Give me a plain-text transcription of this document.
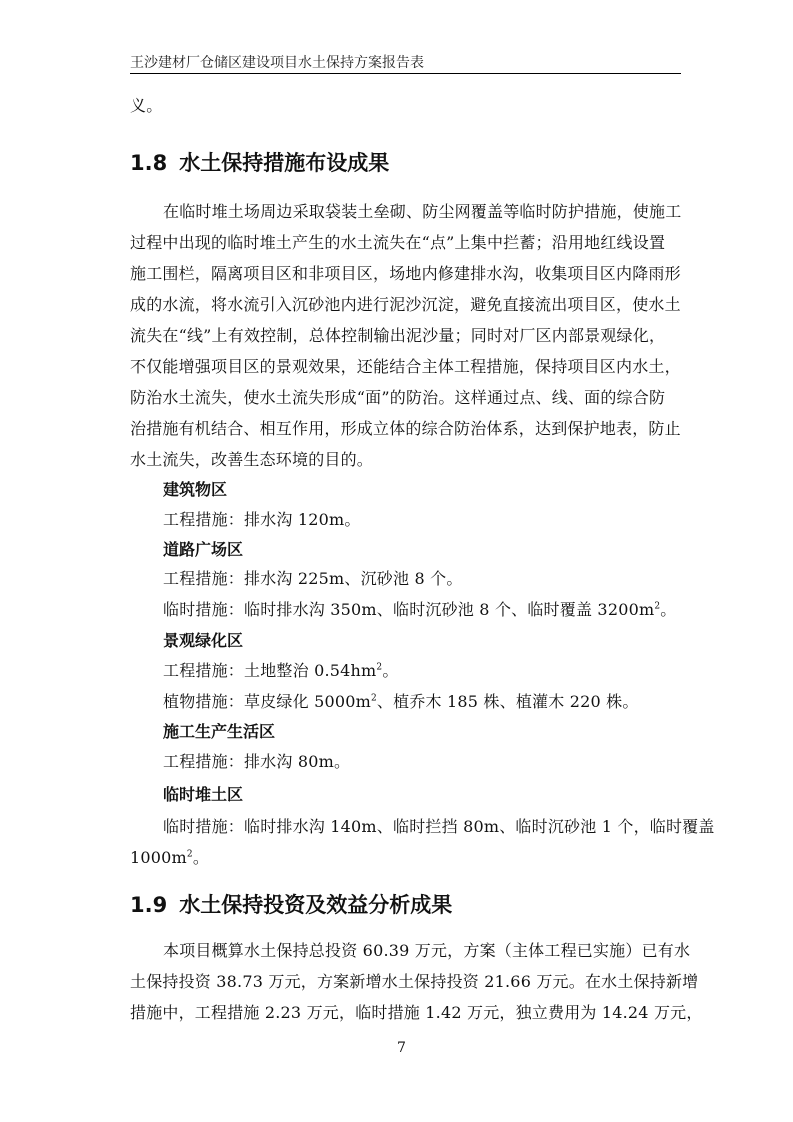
王沙建材厂仓储区建设项目水土保持方案报告表
义。
1.8 水土保持措施布设成果
在临时堆土场周边采取袋装土垒砌、防尘网覆盖等临时防护措施，使施工
过程中出现的临时堆土产生的水土流失在“点”上集中拦蓄；沿用地红线设置
施工围栏，隔离项目区和非项目区，场地内修建排水沟，收集项目区内降雨形
成的水流，将水流引入沉砂池内进行泥沙沉淀，避免直接流出项目区，使水土
流失在“线”上有效控制，总体控制输出泥沙量；同时对厂区内部景观绿化，
不仅能增强项目区的景观效果，还能结合主体工程措施，保持项目区内水土，
防治水土流失，使水土流失形成“面”的防治。这样通过点、线、面的综合防
治措施有机结合、相互作用，形成立体的综合防治体系，达到保护地表，防止
水土流失，改善生态环境的目的。
建筑物区
工程措施：排水沟 120m。
道路广场区
工程措施：排水沟 225m、沉砂池 8 个。
临时措施：临时排水沟 350m、临时沉砂池 8 个、临时覆盖 $3200m^2$。
景观绿化区
工程措施：土地整治 $0.54hm^2$。
植物措施：草皮绿化 $5000m^2$、植乔木 185 株、植灌木 220 株。
施工生产生活区
工程措施：排水沟 80m。
临时堆土区
临时措施：临时排水沟 140m、临时拦挡 80m、临时沉砂池 1 个，临时覆盖
$1000m^2$。
1.9 水土保持投资及效益分析成果
本项目概算水土保持总投资 60.39 万元，方案（主体工程已实施）已有水
土保持投资 38.73 万元，方案新增水土保持投资 21.66 万元。在水土保持新增
措施中，工程措施 2.23 万元，临时措施 1.42 万元，独立费用为 14.24 万元，
7
